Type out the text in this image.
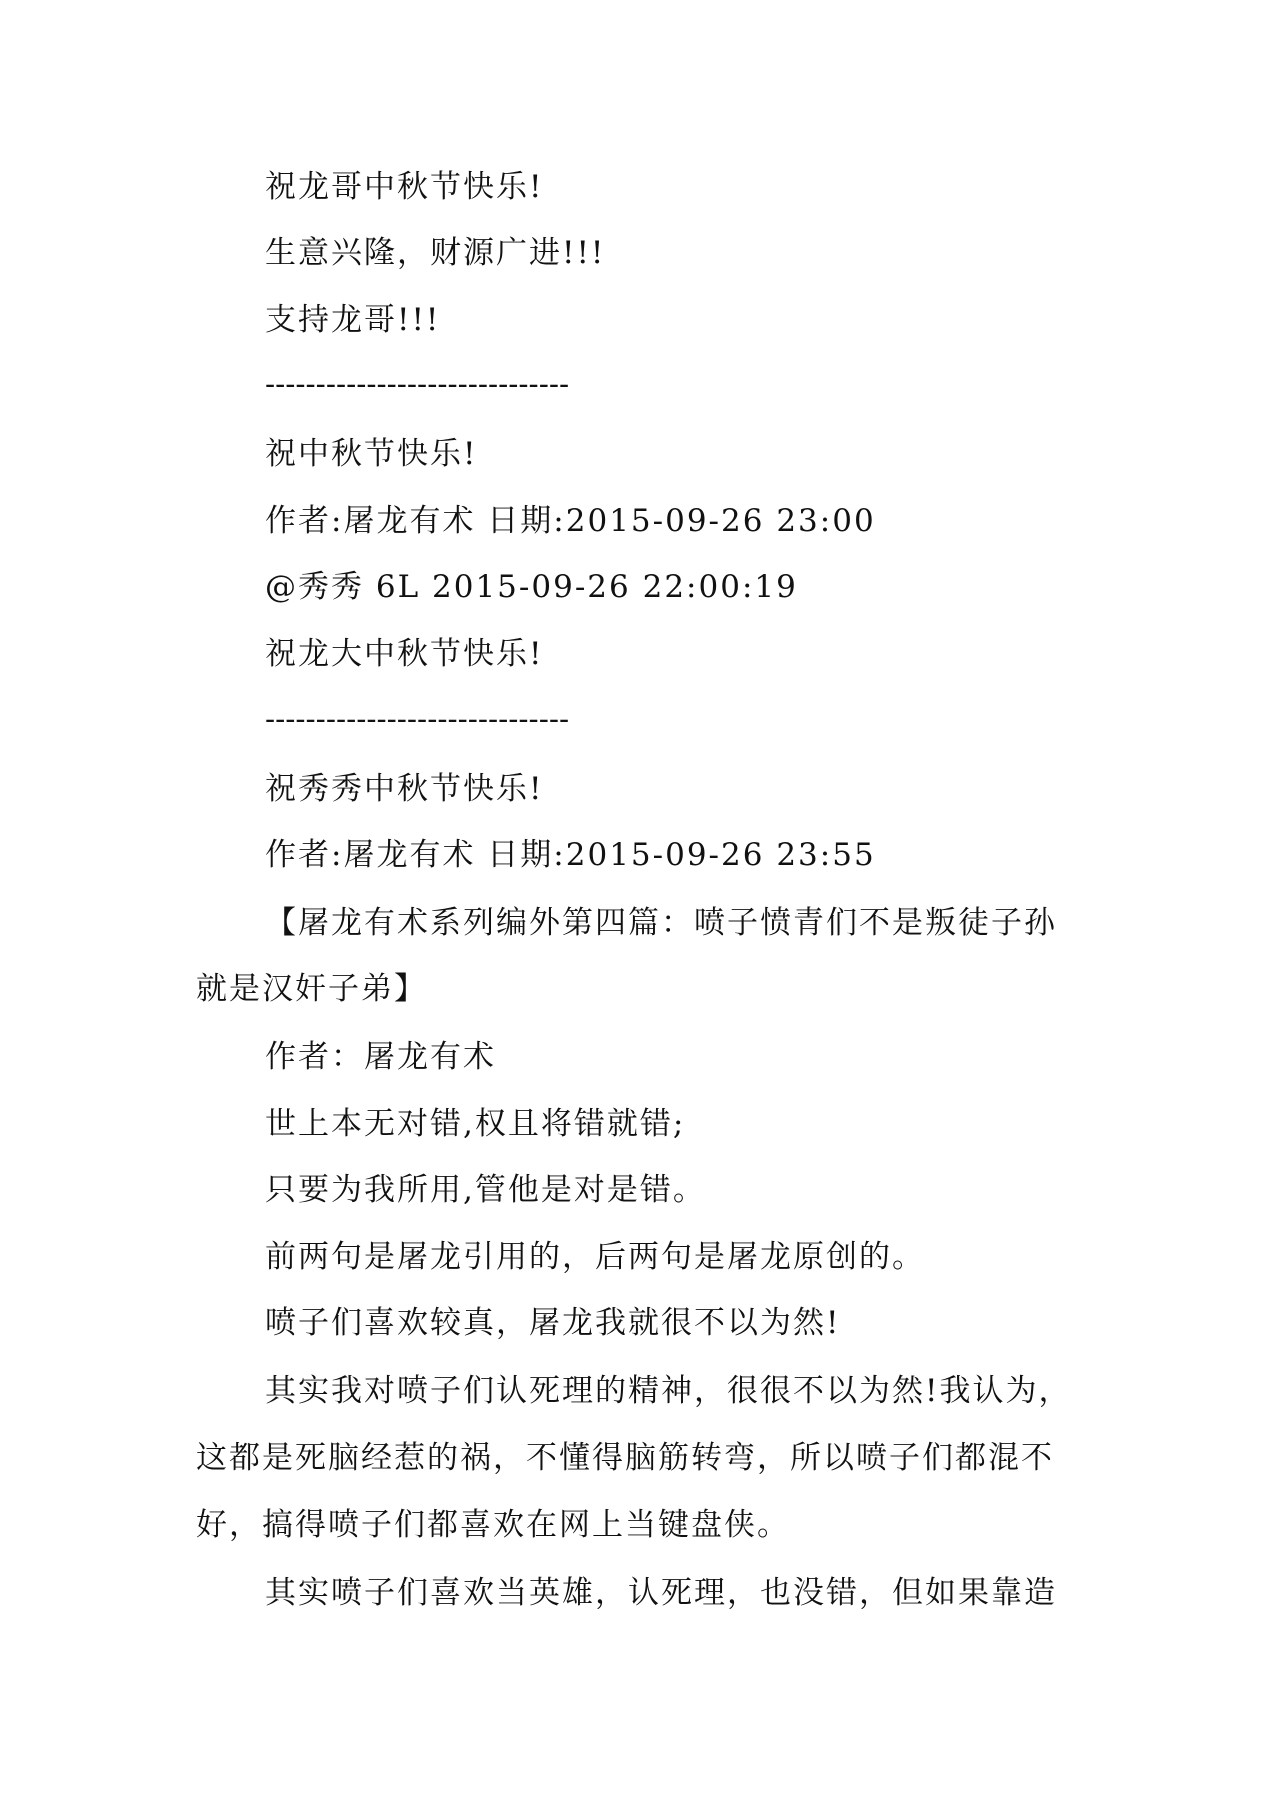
祝龙哥中秋节快乐!
生意兴隆，财源广进!!!
支持龙哥!!!
------------------------------
祝中秋节快乐!
作者:屠龙有术 日期:2015-09-26 23:00
@秀秀 6L 2015-09-26 22:00:19
祝龙大中秋节快乐!
------------------------------
祝秀秀中秋节快乐!
作者:屠龙有术 日期:2015-09-26 23:55
【屠龙有术系列编外第四篇：喷子愤青们不是叛徒子孙
就是汉奸子弟】
作者：屠龙有术
世上本无对错,权且将错就错;
只要为我所用,管他是对是错。
前两句是屠龙引用的，后两句是屠龙原创的。
喷子们喜欢较真，屠龙我就很不以为然!
其实我对喷子们认死理的精神，很很不以为然!我认为，
这都是死脑经惹的祸，不懂得脑筋转弯，所以喷子们都混不
好，搞得喷子们都喜欢在网上当键盘侠。
其实喷子们喜欢当英雄，认死理，也没错，但如果靠造
